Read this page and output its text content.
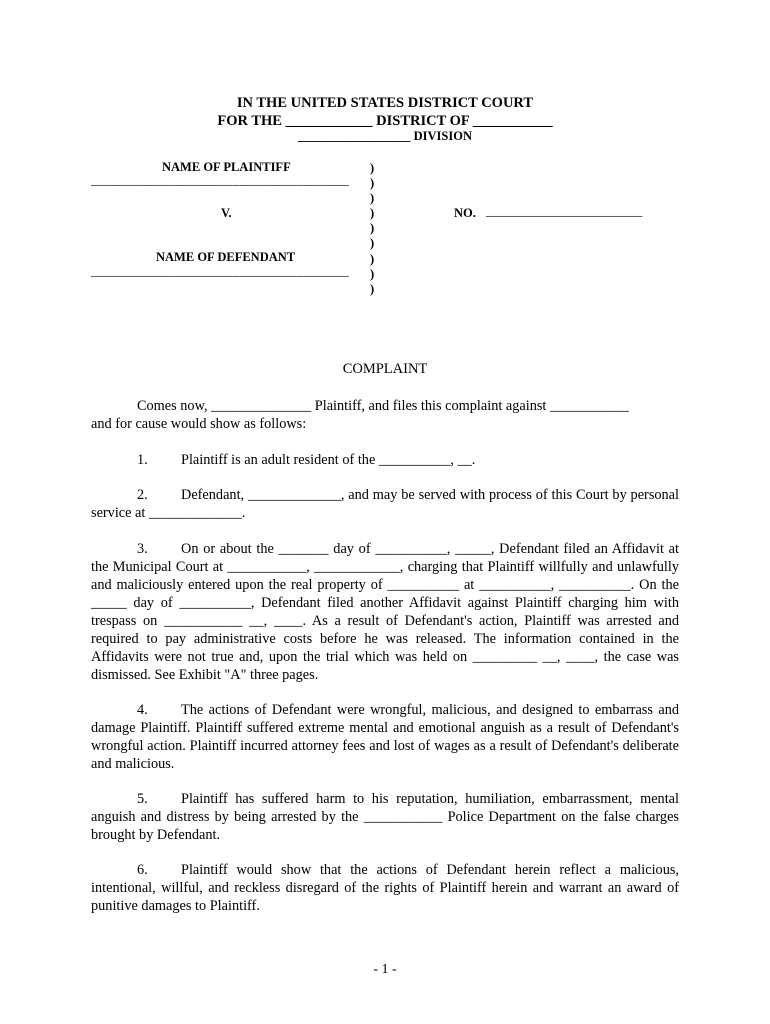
IN THE UNITED STATES DISTRICT COURT
FOR THE ____________ DISTRICT OF ___________
__________________ DIVISION
NAME OF PLAINTIFF
________________________________________
V.
NAME OF DEFENDANT
________________________________________
)
)
)
)
)
)
)
)
)
NO. _________________________
COMPLAINT
Comes now, ______________ Plaintiff, and files this complaint against ___________
and for cause would show as follows:
1. Plaintiff is an adult resident of the __________, __.
2. Defendant, _____________, and may be served with process of this Court by personal service at _____________.
3. On or about the _______ day of __________, _____, Defendant filed an Affidavit at the Municipal Court at ___________, ____________, charging that Plaintiff willfully and unlawfully and maliciously entered upon the real property of __________ at __________, __________. On the _____ day of __________, Defendant filed another Affidavit against Plaintiff charging him with trespass on ___________ __, ____. As a result of Defendant's action, Plaintiff was arrested and required to pay administrative costs before he was released. The information contained in the Affidavits were not true and, upon the trial which was held on _________ __, ____, the case was dismissed. See Exhibit "A" three pages.
4. The actions of Defendant were wrongful, malicious, and designed to embarrass and damage Plaintiff. Plaintiff suffered extreme mental and emotional anguish as a result of Defendant's wrongful action. Plaintiff incurred attorney fees and lost of wages as a result of Defendant's deliberate and malicious.
5. Plaintiff has suffered harm to his reputation, humiliation, embarrassment, mental anguish and distress by being arrested by the ___________ Police Department on the false charges brought by Defendant.
6. Plaintiff would show that the actions of Defendant herein reflect a malicious, intentional, willful, and reckless disregard of the rights of Plaintiff herein and warrant an award of punitive damages to Plaintiff.
- 1 -
